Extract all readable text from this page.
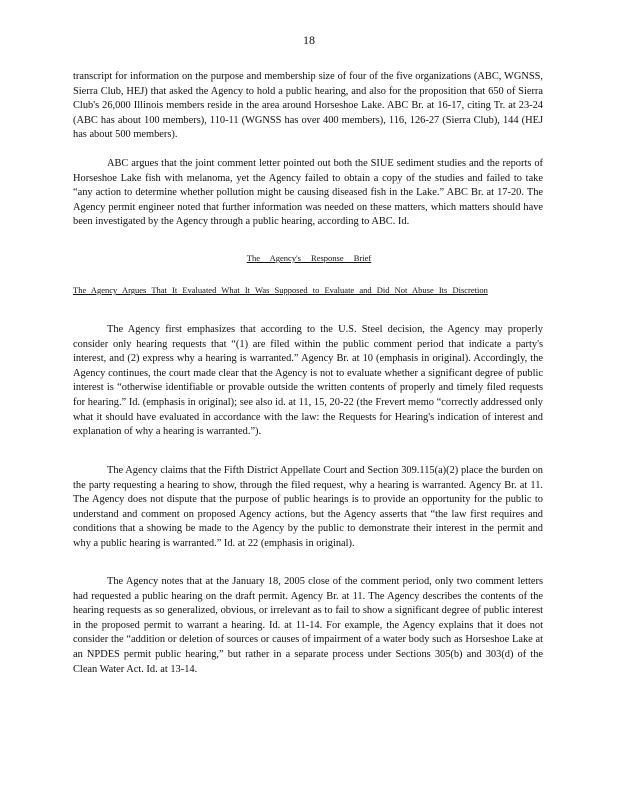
18

transcript for information on the purpose and membership size of four of the five organizations (ABC, WGNSS, Sierra Club, HEJ) that asked the Agency to hold a public hearing, and also for the proposition that 650 of Sierra Club's 26,000 Illinois members reside in the area around Horseshoe Lake. ABC Br. at 16-17, citing Tr. at 23-24 (ABC has about 100 members), 110-11 (WGNSS has over 400 members), 116, 126-27 (Sierra Club), 144 (HEJ has about 500 members).

ABC argues that the joint comment letter pointed out both the SIUE sediment studies and the reports of Horseshoe Lake fish with melanoma, yet the Agency failed to obtain a copy of the studies and failed to take “any action to determine whether pollution might be causing diseased fish in the Lake.” ABC Br. at 17-20. The Agency permit engineer noted that further information was needed on these matters, which matters should have been investigated by the Agency through a public hearing, according to ABC. Id.

The Agency's Response Brief
The Agency Argues That It Evaluated What It Was Supposed to Evaluate and Did Not Abuse Its Discretion

The Agency first emphasizes that according to the U.S. Steel decision, the Agency may properly consider only hearing requests that “(1) are filed within the public comment period that indicate a party's interest, and (2) express why a hearing is warranted.” Agency Br. at 10 (emphasis in original). Accordingly, the Agency continues, the court made clear that the Agency is not to evaluate whether a significant degree of public interest is “otherwise identifiable or provable outside the written contents of properly and timely filed requests for hearing.” Id. (emphasis in original); see also id. at 11, 15, 20-22 (the Frevert memo “correctly addressed only what it should have evaluated in accordance with the law: the Requests for Hearing's indication of interest and explanation of why a hearing is warranted.”).

The Agency claims that the Fifth District Appellate Court and Section 309.115(a)(2) place the burden on the party requesting a hearing to show, through the filed request, why a hearing is warranted. Agency Br. at 11. The Agency does not dispute that the purpose of public hearings is to provide an opportunity for the public to understand and comment on proposed Agency actions, but the Agency asserts that “the law first requires and conditions that a showing be made to the Agency by the public to demonstrate their interest in the permit and why a public hearing is warranted.” Id. at 22 (emphasis in original).

The Agency notes that at the January 18, 2005 close of the comment period, only two comment letters had requested a public hearing on the draft permit. Agency Br. at 11. The Agency describes the contents of the hearing requests as so generalized, obvious, or irrelevant as to fail to show a significant degree of public interest in the proposed permit to warrant a hearing. Id. at 11-14. For example, the Agency explains that it does not consider the “addition or deletion of sources or causes of impairment of a water body such as Horseshoe Lake at an NPDES permit public hearing,” but rather in a separate process under Sections 305(b) and 303(d) of the Clean Water Act. Id. at 13-14.
